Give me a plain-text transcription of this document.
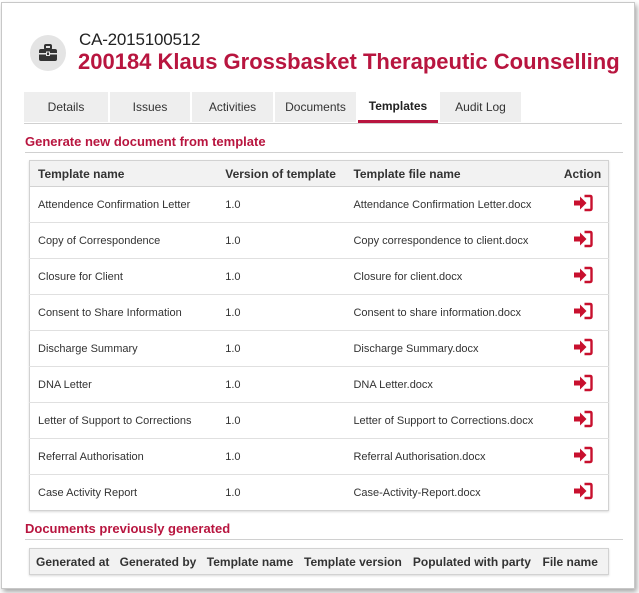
CA-2015100512
200184 Klaus Grossbasket Therapeutic Counselling
Details	Issues	Activities	Documents	Templates	Audit Log
Generate new document from template
Template name	Version of template	Template file name	Action
Attendence Confirmation Letter	1.0	Attendance Confirmation Letter.docx	
Copy of Correspondence	1.0	Copy correspondence to client.docx	
Closure for Client	1.0	Closure for client.docx	
Consent to Share Information	1.0	Consent to share information.docx	
Discharge Summary	1.0	Discharge Summary.docx	
DNA Letter	1.0	DNA Letter.docx	
Letter of Support to Corrections	1.0	Letter of Support to Corrections.docx	
Referral Authorisation	1.0	Referral Authorisation.docx	
Case Activity Report	1.0	Case-Activity-Report.docx	
Documents previously generated
Generated at	Generated by	Template name	Template version	Populated with party	File name
